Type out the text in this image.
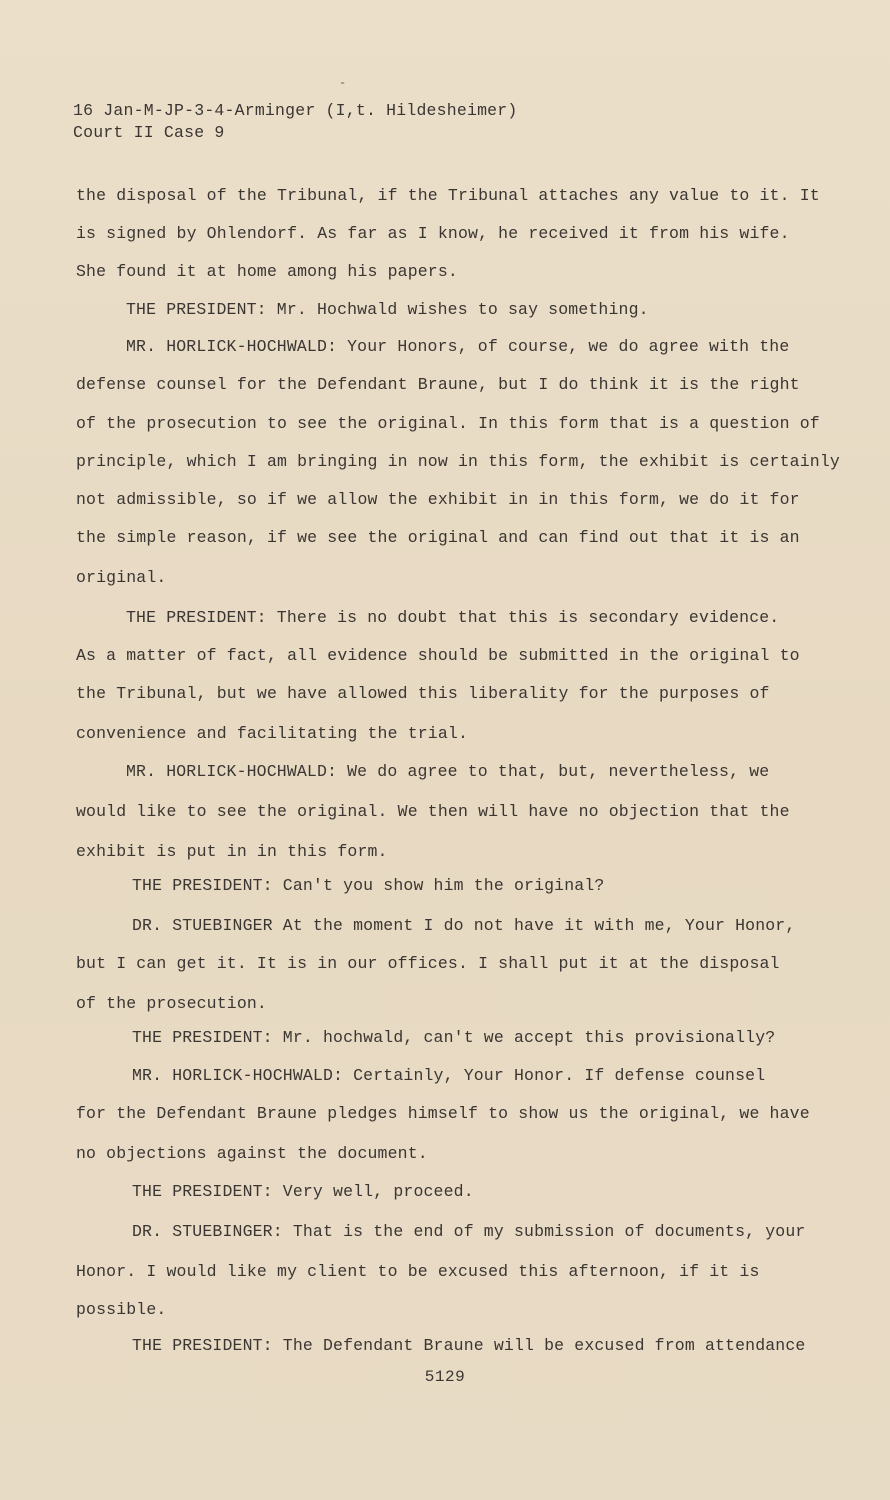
-
16 Jan-M-JP-3-4-Arminger (I,t. Hildesheimer)
Court II Case 9
the disposal of the Tribunal, if the Tribunal attaches any value to it. It
is signed by Ohlendorf. As far as I know, he received it from his wife.
She found it at home among his papers.
THE PRESIDENT: Mr. Hochwald wishes to say something.
MR. HORLICK-HOCHWALD: Your Honors, of course, we do agree with the
defense counsel for the Defendant Braune, but I do think it is the right
of the prosecution to see the original. In this form that is a question of
principle, which I am bringing in now in this form, the exhibit is certainly
not admissible, so if we allow the exhibit in in this form, we do it for
the simple reason, if we see the original and can find out that it is an
original.
THE PRESIDENT: There is no doubt that this is secondary evidence.
As a matter of fact, all evidence should be submitted in the original to
the Tribunal, but we have allowed this liberality for the purposes of
convenience and facilitating the trial.
MR. HORLICK-HOCHWALD: We do agree to that, but, nevertheless, we
would like to see the original. We then will have no objection that the
exhibit is put in in this form.
THE PRESIDENT: Can't you show him the original?
DR. STUEBINGER At the moment I do not have it with me, Your Honor,
but I can get it. It is in our offices. I shall put it at the disposal
of the prosecution.
THE PRESIDENT: Mr. hochwald, can't we accept this provisionally?
MR. HORLICK-HOCHWALD: Certainly, Your Honor. If defense counsel
for the Defendant Braune pledges himself to show us the original, we have
no objections against the document.
THE PRESIDENT: Very well, proceed.
DR. STUEBINGER: That is the end of my submission of documents, your
Honor. I would like my client to be excused this afternoon, if it is
possible.
THE PRESIDENT: The Defendant Braune will be excused from attendance
5129
